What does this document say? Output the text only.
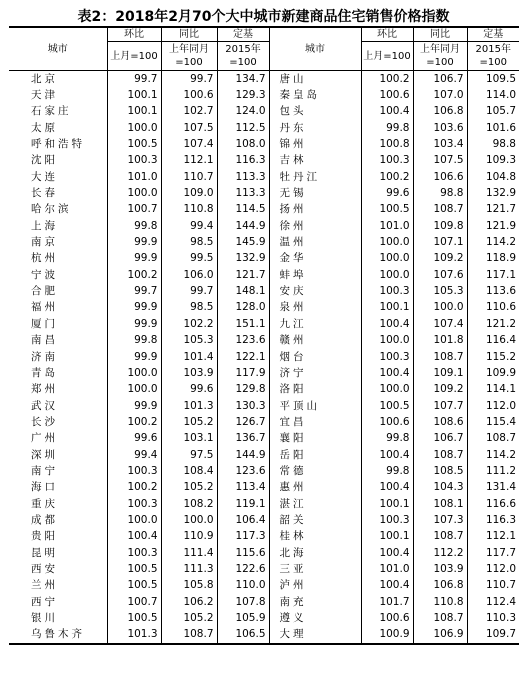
表2：2018年2月70个大中城市新建商品住宅销售价格指数
城市	环比	同比	定基	城市	环比	同比	定基
	上月=100	上年同月=100	2015年=100		上月=100	上年同月=100	2015年=100
北京	99.7	99.7	134.7	唐山	100.2	106.7	109.5
天津	100.1	100.6	129.3	秦皇岛	100.6	107.0	114.0
石家庄	100.1	102.7	124.0	包头	100.4	106.8	105.7
太原	100.0	107.5	112.5	丹东	99.8	103.6	101.6
呼和浩特	100.5	107.4	108.0	锦州	100.8	103.4	98.8
沈阳	100.3	112.1	116.3	吉林	100.3	107.5	109.3
大连	101.0	110.7	113.3	牡丹江	100.2	106.6	104.8
长春	100.0	109.0	113.3	无锡	99.6	98.8	132.9
哈尔滨	100.7	110.8	114.5	扬州	100.5	108.7	121.7
上海	99.8	99.4	144.9	徐州	101.0	109.8	121.9
南京	99.9	98.5	145.9	温州	100.0	107.1	114.2
杭州	99.9	99.5	132.9	金华	100.0	109.2	118.9
宁波	100.2	106.0	121.7	蚌埠	100.0	107.6	117.1
合肥	99.7	99.7	148.1	安庆	100.3	105.3	113.6
福州	99.9	98.5	128.0	泉州	100.1	100.0	110.6
厦门	99.9	102.2	151.1	九江	100.4	107.4	121.2
南昌	99.8	105.3	123.6	赣州	100.0	101.8	116.4
济南	99.9	101.4	122.1	烟台	100.3	108.7	115.2
青岛	100.0	103.9	117.9	济宁	100.4	109.1	109.9
郑州	100.0	99.6	129.8	洛阳	100.0	109.2	114.1
武汉	99.9	101.3	130.3	平顶山	100.5	107.7	112.0
长沙	100.2	105.2	126.7	宜昌	100.6	108.6	115.4
广州	99.6	103.1	136.7	襄阳	99.8	106.7	108.7
深圳	99.4	97.5	144.9	岳阳	100.4	108.7	114.2
南宁	100.3	108.4	123.6	常德	99.8	108.5	111.2
海口	100.2	105.2	113.4	惠州	100.4	104.3	131.4
重庆	100.3	108.2	119.1	湛江	100.1	108.1	116.6
成都	100.0	100.0	106.4	韶关	100.3	107.3	116.3
贵阳	100.4	110.9	117.3	桂林	100.1	108.7	112.1
昆明	100.3	111.4	115.6	北海	100.4	112.2	117.7
西安	100.5	111.3	122.6	三亚	101.0	103.9	112.0
兰州	100.5	105.8	110.0	泸州	100.4	106.8	110.7
西宁	100.7	106.2	107.8	南充	101.7	110.8	112.4
银川	100.5	105.2	105.9	遵义	100.6	108.7	110.3
乌鲁木齐	101.3	108.7	106.5	大理	100.9	106.9	109.7
